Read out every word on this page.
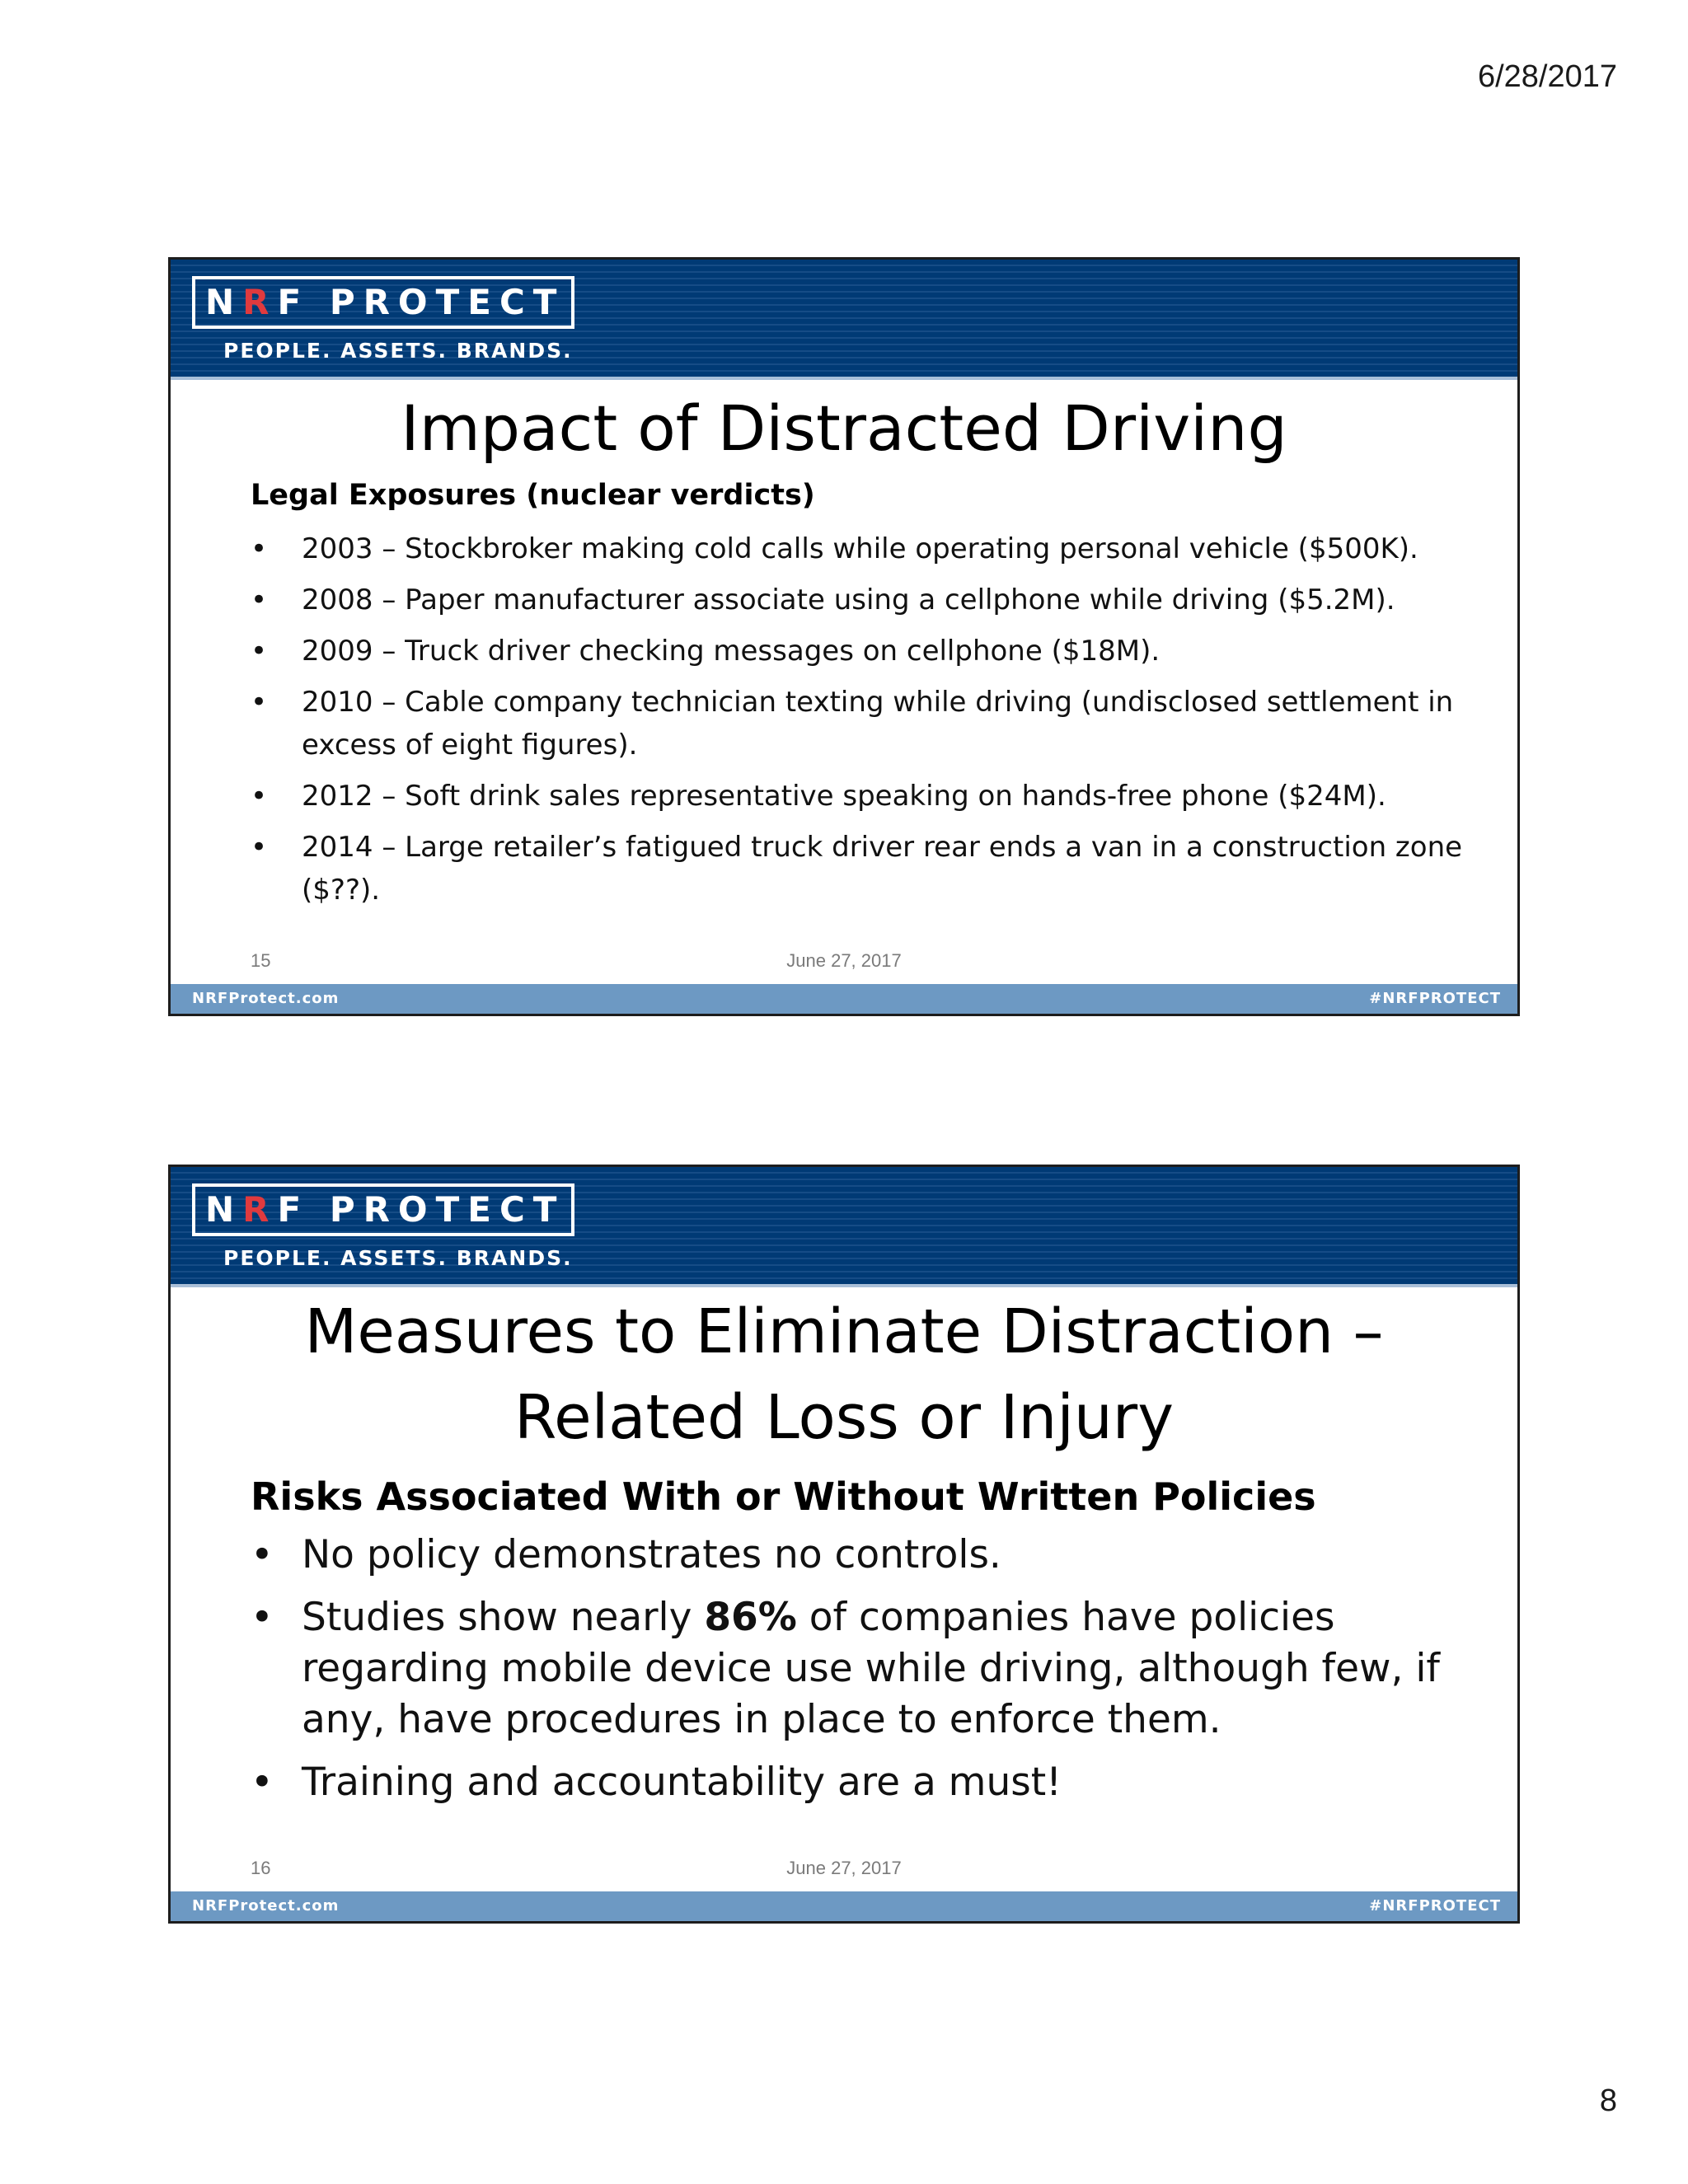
6/28/2017
NRF PROTECT
PEOPLE. ASSETS. BRANDS.
Impact of Distracted Driving
Legal Exposures (nuclear verdicts)
• 2003 – Stockbroker making cold calls while operating personal vehicle ($500K).
• 2008 – Paper manufacturer associate using a cellphone while driving ($5.2M).
• 2009 – Truck driver checking messages on cellphone ($18M).
• 2010 – Cable company technician texting while driving (undisclosed settlement in excess of eight figures).
• 2012 – Soft drink sales representative speaking on hands-free phone ($24M).
• 2014 – Large retailer’s fatigued truck driver rear ends a van in a construction zone ($??).
15	June 27, 2017
NRFProtect.com	#NRFPROTECT
NRF PROTECT
PEOPLE. ASSETS. BRANDS.
Measures to Eliminate Distraction –
Related Loss or Injury
Risks Associated With or Without Written Policies
• No policy demonstrates no controls.
• Studies show nearly 86% of companies have policies regarding mobile device use while driving, although few, if any, have procedures in place to enforce them.
• Training and accountability are a must!
16	June 27, 2017
NRFProtect.com	#NRFPROTECT
8
